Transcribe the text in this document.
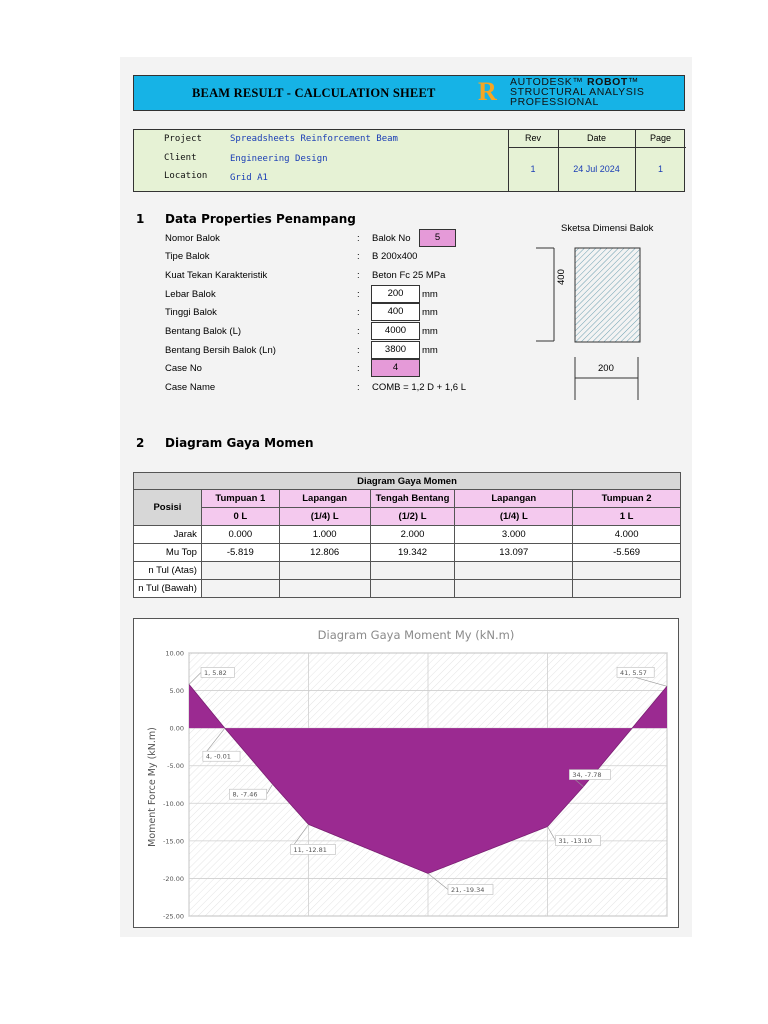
BEAM RESULT - CALCULATION SHEET R	AUTODESK™ ROBOT™
STRUCTURAL ANALYSIS
PROFESSIONAL
Project	Spreadsheets Reinforcement Beam
Client	Engineering Design
Location	Grid A1
Rev	Date	Page
1	24 Jul 2024	1
1 Data Properties Penampang
Nomor Balok	: Balok No	5
Tipe Balok	: B 200x400
Kuat Tekan Karakteristik	: Beton Fc 25 MPa
Lebar Balok	:	200	mm
Tinggi Balok	:	400	mm
Bentang Balok (L)	:	4000	mm
Bentang Bersih Balok (Ln)	:	3800	mm
Case No	:	4
Case Name	: COMB = 1,2 D + 1,6 L
Sketsa Dimensi Balok
400
200
2 Diagram Gaya Momen
Diagram Gaya Momen					
Posisi	Tumpuan 1	Lapangan	Tengah Bentang	Lapangan	Tumpuan 2
	0 L	(1/4) L	(1/2) L	(1/4) L	1 L
Jarak	0.000	1.000	2.000	3.000	4.000
Mu Top	-5.819	12.806	19.342	13.097	-5.569
n Tul (Atas)					
n Tul (Bawah)					
Diagram Gaya Moment My (kN.m)
Moment Force My (kN.m)
10.00
5.00
0.00
-5.00
-10.00
-15.00
-20.00
-25.00
1, 5.82
4, -0.01
8, -7.46
11, -12.81
21, -19.34
31, -13.10
34, -7.78
41, 5.57
